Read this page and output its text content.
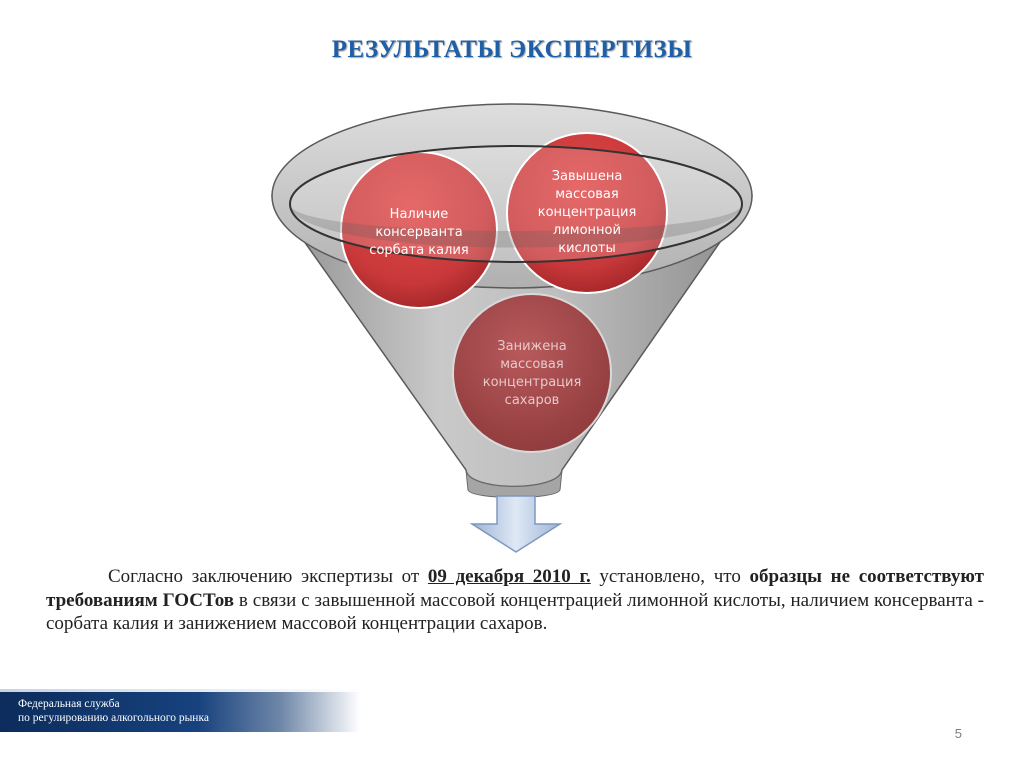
РЕЗУЛЬТАТЫ ЭКСПЕРТИЗЫ
Наличие консерванта сорбата калия
Завышена массовая концентрация лимонной кислоты
Занижена массовая концентрация сахаров
Согласно заключению экспертизы от 09 декабря 2010 г. установлено, что образцы не соответствуют требованиям ГОСТов в связи с завышенной массовой концентрацией лимонной кислоты, наличием консерванта - сорбата калия и занижением массовой концентрации сахаров.
Федеральная служба
по регулированию алкогольного рынка
5
